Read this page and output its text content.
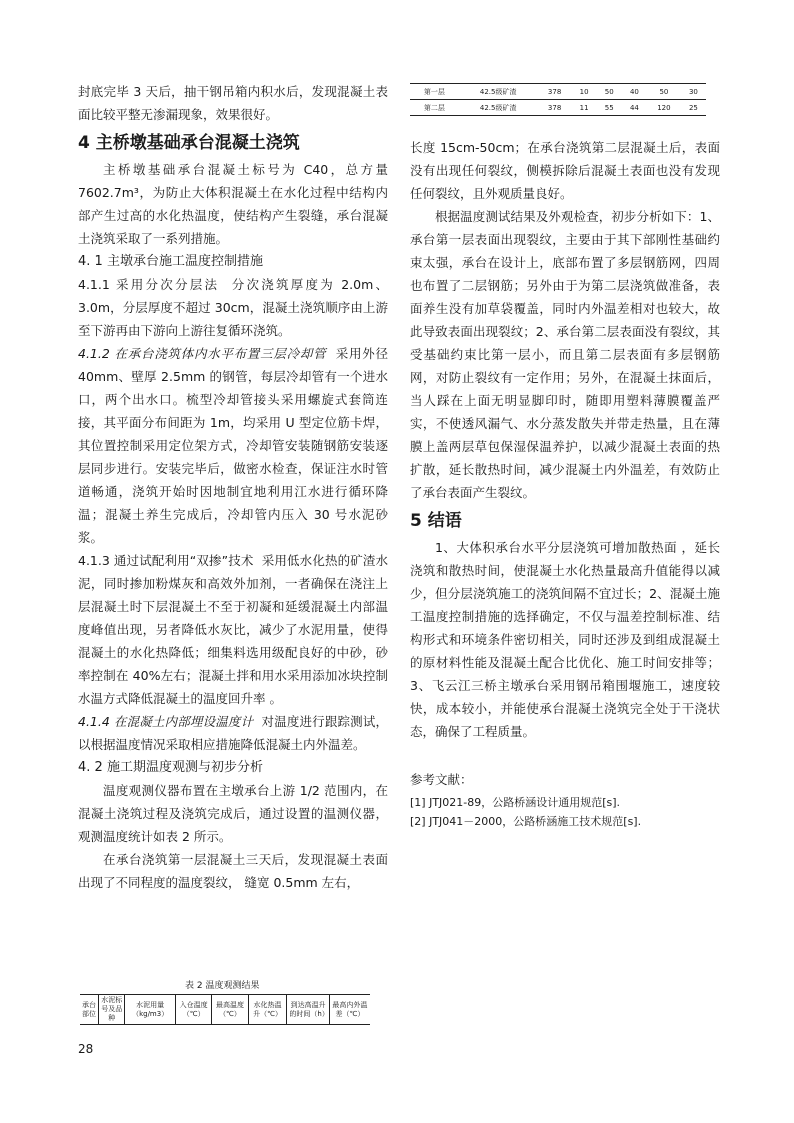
第一层	42.5级矿渣	378	10	50	40	50	30
第二层	42.5级矿渣	378	11	55	44	120	25

封底完毕 3 天后，抽干钢吊箱内积水后，发现混凝土表面比较平整无渗漏现象，效果很好。

4 主桥墩基础承台混凝土浇筑

主桥墩基础承台混凝土标号为 C40，总方量 7602.7m³，为防止大体积混凝土在水化过程中结构内部产生过高的水化热温度，使结构产生裂缝，承台混凝土浇筑采取了一系列措施。

4. 1 主墩承台施工温度控制措施

4.1.1 采用分次分层法 分次浇筑厚度为 2.0m、3.0m，分层厚度不超过 30cm，混凝土浇筑顺序由上游至下游再由下游向上游往复循环浇筑。

4.1.2 在承台浇筑体内水平布置三层冷却管 采用外径 40mm、壁厚 2.5mm 的钢管，每层冷却管有一个进水口，两个出水口。梳型冷却管接头采用螺旋式套筒连接，其平面分布间距为 1m，均采用 U 型定位筋卡焊，其位置控制采用定位架方式，冷却管安装随钢筋安装逐层同步进行。安装完毕后，做密水检查，保证注水时管道畅通，浇筑开始时因地制宜地利用江水进行循环降温；混凝土养生完成后，冷却管内压入 30 号水泥砂浆。

4.1.3 通过试配利用“双掺”技术 采用低水化热的矿渣水泥，同时掺加粉煤灰和高效外加剂，一者确保在浇注上层混凝土时下层混凝土不至于初凝和延缓混凝土内部温度峰值出现，另者降低水灰比，减少了水泥用量，使得混凝土的水化热降低；细集料选用级配良好的中砂，砂率控制在 40%左右；混凝土拌和用水采用添加冰块控制水温方式降低混凝土的温度回升率 。

4.1.4 在混凝土内部埋设温度计 对温度进行跟踪测试，以根据温度情况采取相应措施降低混凝土内外温差。

4. 2 施工期温度观测与初步分析

温度观测仪器布置在主墩承台上游 1/2 范围内，在混凝土浇筑过程及浇筑完成后，通过设置的温测仪器，观测温度统计如表 2 所示。

在承台浇筑第一层混凝土三天后，发现混凝土表面出现了不同程度的温度裂纹， 缝宽 0.5mm 左右，

长度 15cm-50cm；在承台浇筑第二层混凝土后，表面没有出现任何裂纹，侧模拆除后混凝土表面也没有发现任何裂纹，且外观质量良好。

根据温度测试结果及外观检查，初步分析如下：1、承台第一层表面出现裂纹，主要由于其下部刚性基础约束太强，承台在设计上，底部布置了多层钢筋网，四周也布置了二层钢筋；另外由于为第二层浇筑做准备，表面养生没有加草袋覆盖，同时内外温差相对也较大，故此导致表面出现裂纹；2、承台第二层表面没有裂纹，其受基础约束比第一层小，而且第二层表面有多层钢筋网，对防止裂纹有一定作用；另外，在混凝土抹面后，当人踩在上面无明显脚印时，随即用塑料薄膜覆盖严实，不使透风漏气、水分蒸发散失并带走热量，且在薄膜上盖两层草包保湿保温养护，以减少混凝土表面的热扩散，延长散热时间，减少混凝土内外温差，有效防止了承台表面产生裂纹。

5 结语

1、大体积承台水平分层浇筑可增加散热面 ，延长浇筑和散热时间，使混凝土水化热量最高升值能得以减少，但分层浇筑施工的浇筑间隔不宜过长；2、混凝土施工温度控制措施的选择确定，不仅与温差控制标准、结构形式和环境条件密切相关，同时还涉及到组成混凝土的原材料性能及混凝土配合比优化、施工时间安排等；3、飞云江三桥主墩承台采用钢吊箱围堰施工，速度较快，成本较小，并能使承台混凝土浇筑完全处于干浇状态，确保了工程质量。

参考文献：
[1] JTJ021-89，公路桥涵设计通用规范[s].
[2] JTJ041－2000，公路桥涵施工技术规范[s].
表 2 温度观测结果
承台部位	水泥标号及品种	水泥用量（kg/m3）	入仓温度（℃）	最高温度（℃）	水化热温升（℃）	到达高温升的时间（h）	最高内外温差（℃）
28
